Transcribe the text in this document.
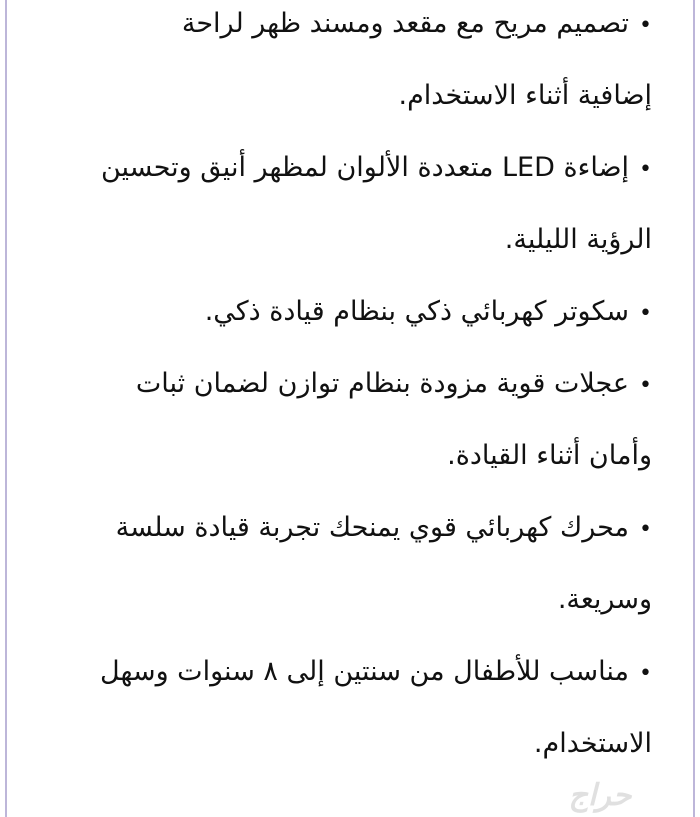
•تصميم مريح مع مقعد ومسند ظهر لراحة
إضافية أثناء الاستخدام.
•إضاءة LED متعددة الألوان لمظهر أنيق وتحسين
الرؤية الليلية.
•سكوتر كهربائي ذكي بنظام قيادة ذكي.
•عجلات قوية مزودة بنظام توازن لضمان ثبات
وأمان أثناء القيادة.
•محرك كهربائي قوي يمنحك تجربة قيادة سلسة
وسريعة.
•مناسب للأطفال من سنتين إلى ٨ سنوات وسهل
الاستخدام.
حراج
